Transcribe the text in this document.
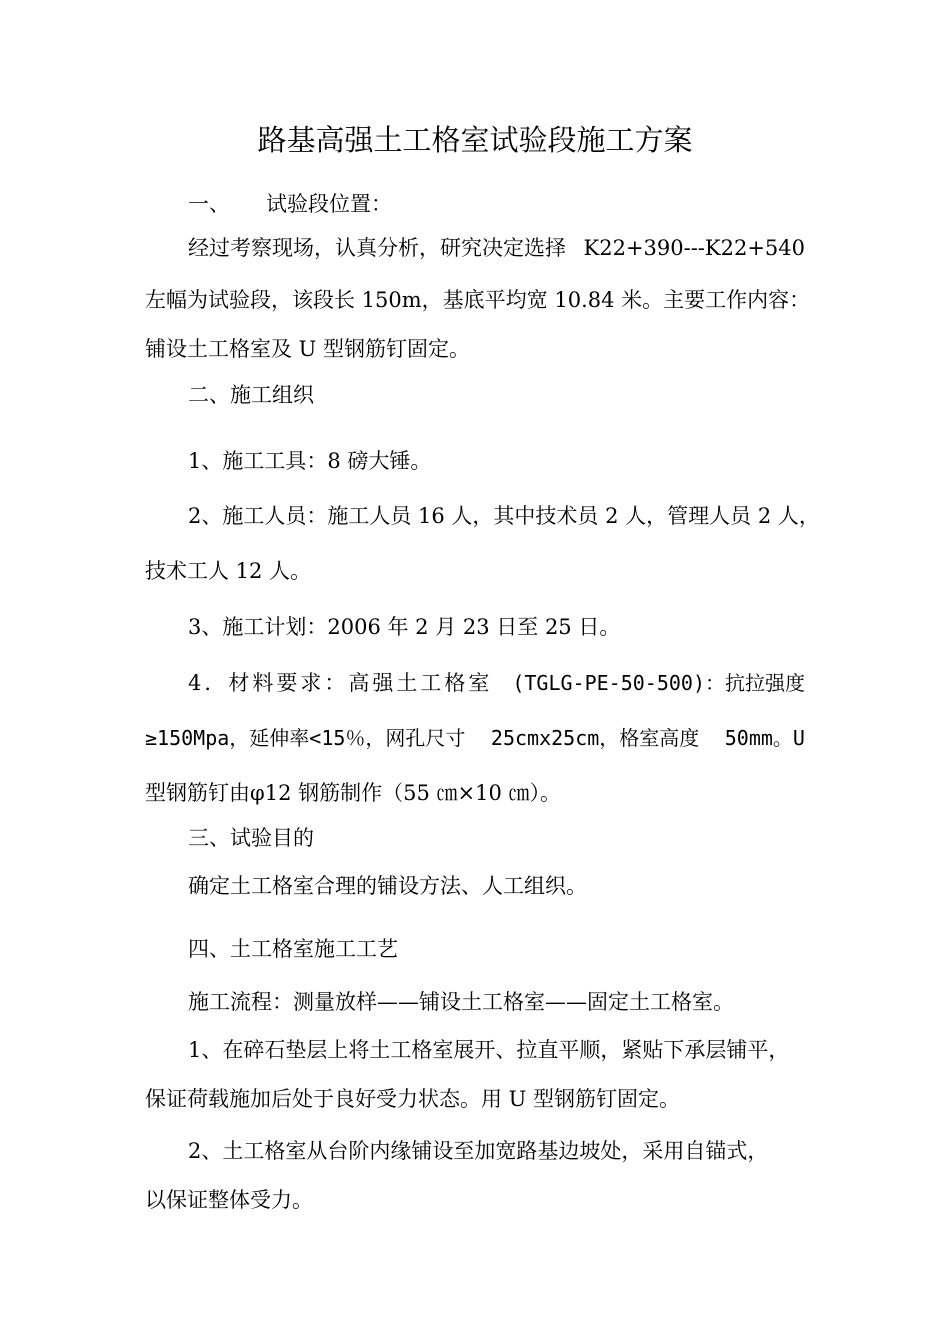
路基高强土工格室试验段施工方案
一、 试验段位置：
经过考察现场，认真分析，研究决定选择 K22+390---K22+540
左幅为试验段，该段长 150m，基底平均宽 10.84 米。主要工作内容：
铺设土工格室及 U 型钢筋钉固定。
二、施工组织
1、施工工具：8 磅大锤。
2、施工人员：施工人员 16 人，其中技术员 2 人，管理人员 2 人，
技术工人 12 人。
3、施工计划：2006 年 2 月 23 日至 25 日。
4．材料要求：高强土工格室 (TGLG-PE-50-500)：抗拉强度
≥150Mpa，延伸率<15％，网孔尺寸 25cmx25cm，格室高度 50mm。U
型钢筋钉由φ12 钢筋制作（55 ㎝×10 ㎝）。
三、试验目的
确定土工格室合理的铺设方法、人工组织。
四、土工格室施工工艺
施工流程：测量放样——铺设土工格室——固定土工格室。
1、在碎石垫层上将土工格室展开、拉直平顺，紧贴下承层铺平，
保证荷载施加后处于良好受力状态。用 U 型钢筋钉固定。
2、土工格室从台阶内缘铺设至加宽路基边坡处，采用自锚式，
以保证整体受力。
